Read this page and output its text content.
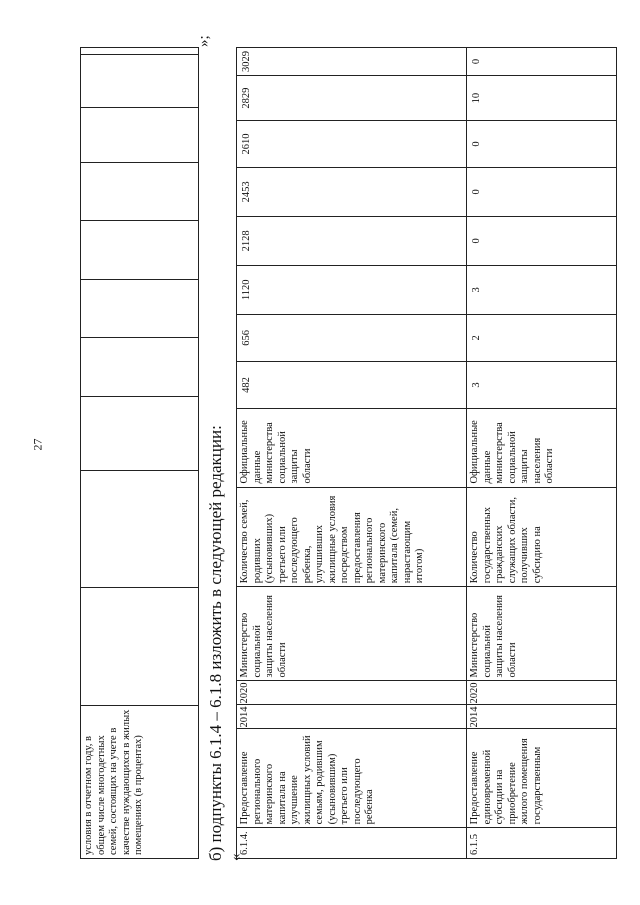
27
условия в отчетном году, в общем числе многодетных семей, состоящих на учете в качестве нуждающихся в жилых помещениях (в процентах)										
»;
б) подпункты 6.1.4 – 6.1.8 изложить в следующей редакции: «
6.1.4.	Предоставление регионального материнского капитала на улучшение жилищных условий семьям, родившим (усыновившим) третьего или последующего ребенка	2014	2020	Министерство социальной защиты населения области	Количество семей, родивших (усыновивших) третьего или последующего ребенка, улучшивших жилищные условия посредством предоставления регионального материнского капитала (семей, нарастающим итогом)	Официальные данные министерства социальной защиты области	482	656	1120	2128	2453	2610	2829	3029
6.1.5	Предоставление единовременной субсидии на приобретение жилого помещения государственным	2014	2020	Министерство социальной защиты населения области	Количество государственных гражданских служащих области, получивших субсидию на	Официальные данные министерства социальной защиты населения области	3	2	3	0	0	0	10	0
